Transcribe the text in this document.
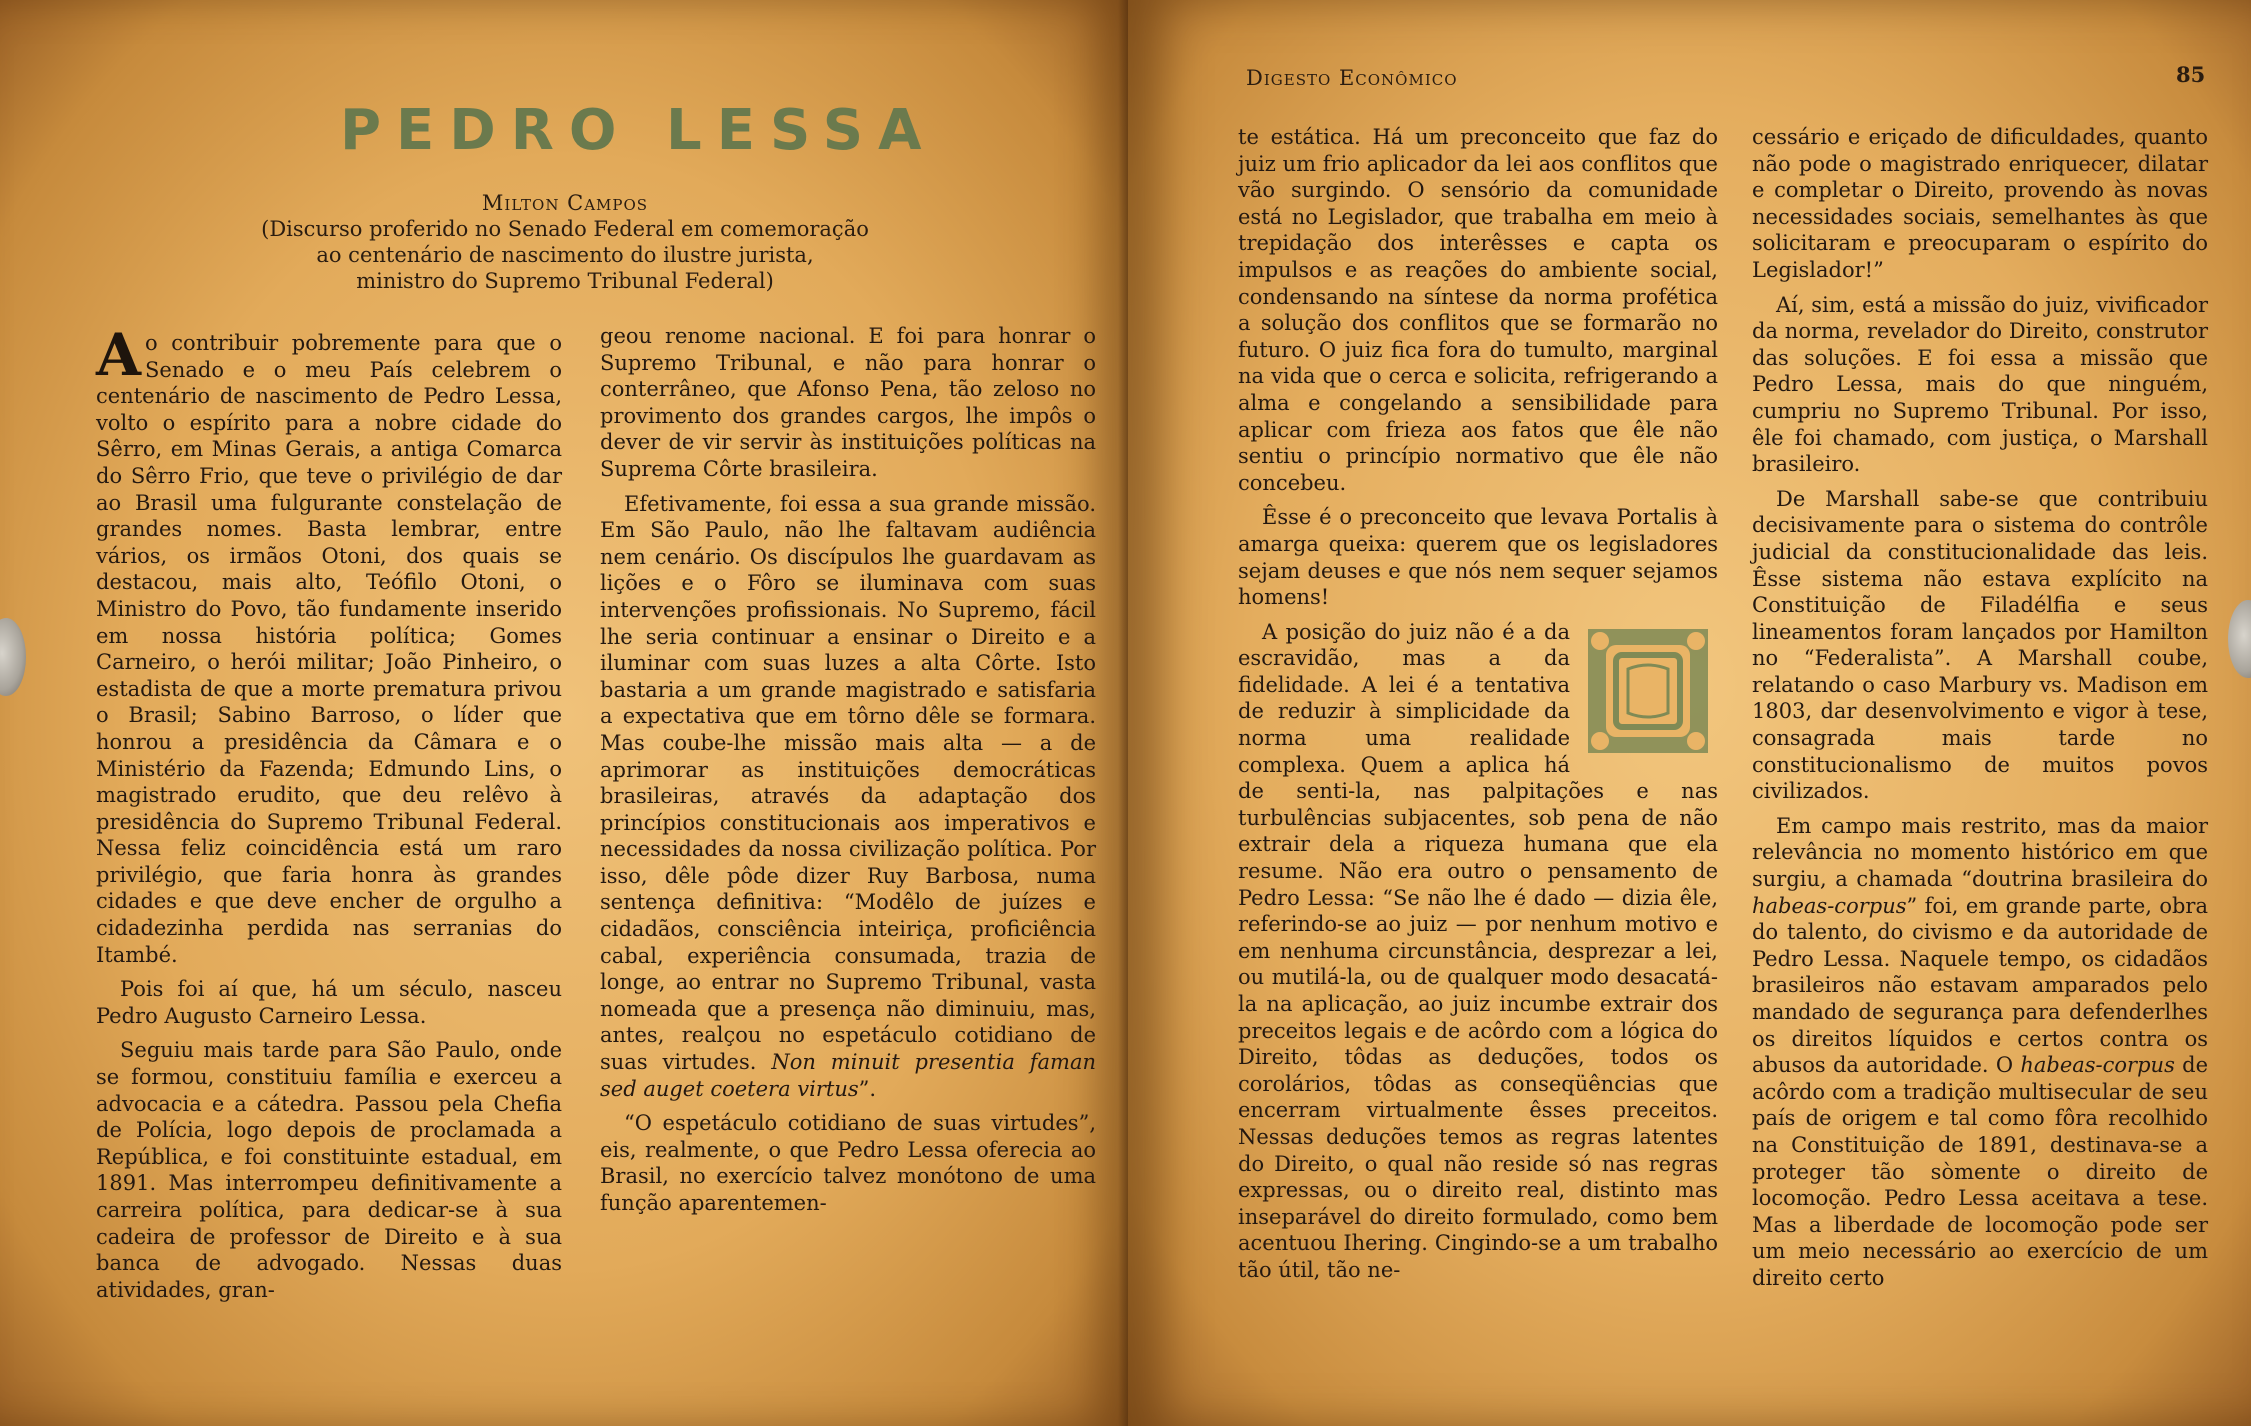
PEDRO LESSA
Milton Campos
(Discurso proferido no Senado Federal em comemoração
ao centenário de nascimento do ilustre jurista,
ministro do Supremo Tribunal Federal)

Ao contribuir pobremente para que o Senado e o meu País celebrem o centenário de nascimento de Pedro Lessa, volto o espírito para a nobre cidade do Sêrro, em Minas Gerais, a antiga Comarca do Sêrro Frio, que teve o privilégio de dar ao Brasil uma fulgurante constelação de grandes nomes. Basta lembrar, entre vários, os irmãos Otoni, dos quais se destacou, mais alto, Teófilo Otoni, o Ministro do Povo, tão fundamente inserido em nossa história política; Gomes Carneiro, o herói militar; João Pinheiro, o estadista de que a morte prematura privou o Brasil; Sabino Barroso, o líder que honrou a presidência da Câmara e o Ministério da Fazenda; Edmundo Lins, o magistrado erudito, que deu relêvo à presidência do Supremo Tribunal Federal. Nessa feliz coincidência está um raro privilégio, que faria honra às grandes cidades e que deve encher de orgulho a cidadezinha perdida nas serranias do Itambé.

Pois foi aí que, há um século, nasceu Pedro Augusto Carneiro Lessa.

Seguiu mais tarde para São Paulo, onde se formou, constituiu família e exerceu a advocacia e a cátedra. Passou pela Chefia de Polícia, logo depois de proclamada a República, e foi constituinte estadual, em 1891. Mas interrompeu definitivamente a carreira política, para dedicar-se à sua cadeira de professor de Direito e à sua banca de advogado. Nessas duas atividades, gran-

geou renome nacional. E foi para honrar o Supremo Tribunal, e não para honrar o conterrâneo, que Afonso Pena, tão zeloso no provimento dos grandes cargos, lhe impôs o dever de vir servir às instituições políticas na Suprema Côrte brasileira.

Efetivamente, foi essa a sua grande missão. Em São Paulo, não lhe faltavam audiência nem cenário. Os discípulos lhe guardavam as lições e o Fôro se iluminava com suas intervenções profissionais. No Supremo, fácil lhe seria continuar a ensinar o Direito e a iluminar com suas luzes a alta Côrte. Isto bastaria a um grande magistrado e satisfaria a expectativa que em tôrno dêle se formara. Mas coube-lhe missão mais alta — a de aprimorar as instituições democráticas brasileiras, através da adaptação dos princípios constitucionais aos imperativos e necessidades da nossa civilização política. Por isso, dêle pôde dizer Ruy Barbosa, numa sentença definitiva: “Modêlo de juízes e cidadãos, consciência inteiriça, proficiência cabal, experiência consumada, trazia de longe, ao entrar no Supremo Tribunal, vasta nomeada que a presença não diminuiu, mas, antes, realçou no espetáculo cotidiano de suas virtudes. Non minuit presentia faman sed auget coetera virtus”.

“O espetáculo cotidiano de suas virtudes”, eis, realmente, o que Pedro Lessa oferecia ao Brasil, no exercício talvez monótono de uma função aparentemen-

Digesto Econômico	85

te estática. Há um preconceito que faz do juiz um frio aplicador da lei aos conflitos que vão surgindo. O sensório da comunidade está no Legislador, que trabalha em meio à trepidação dos interêsses e capta os impulsos e as reações do ambiente social, condensando na síntese da norma profética a solução dos conflitos que se formarão no futuro. O juiz fica fora do tumulto, marginal na vida que o cerca e solicita, refrigerando a alma e congelando a sensibilidade para aplicar com frieza aos fatos que êle não sentiu o princípio normativo que êle não concebeu.

Êsse é o preconceito que levava Portalis à amarga queixa: querem que os legisladores sejam deuses e que nós nem sequer sejamos homens!

A posição do juiz não é a da escravidão, mas a da fidelidade. A lei é a tentativa de reduzir à simplicidade da norma uma realidade complexa. Quem a aplica há de senti-la, nas palpitações e nas turbulências subjacentes, sob pena de não extrair dela a riqueza humana que ela resume. Não era outro o pensamento de Pedro Lessa: “Se não lhe é dado — dizia êle, referindo-se ao juiz — por nenhum motivo e em nenhuma circunstância, desprezar a lei, ou mutilá-la, ou de qualquer modo desacatá-la na aplicação, ao juiz incumbe extrair dos preceitos legais e de acôrdo com a lógica do Direito, tôdas as deduções, todos os corolários, tôdas as conseqüências que encerram virtualmente êsses preceitos. Nessas deduções temos as regras latentes do Direito, o qual não reside só nas regras expressas, ou o direito real, distinto mas inseparável do direito formulado, como bem acentuou Ihering. Cingindo-se a um trabalho tão útil, tão ne-

cessário e eriçado de dificuldades, quanto não pode o magistrado enriquecer, dilatar e completar o Direito, provendo às novas necessidades sociais, semelhantes às que solicitaram e preocuparam o espírito do Legislador!”

Aí, sim, está a missão do juiz, vivificador da norma, revelador do Direito, construtor das soluções. E foi essa a missão que Pedro Lessa, mais do que ninguém, cumpriu no Supremo Tribunal. Por isso, êle foi chamado, com justiça, o Marshall brasileiro.

De Marshall sabe-se que contribuiu decisivamente para o sistema do contrôle judicial da constitucionalidade das leis. Êsse sistema não estava explícito na Constituição de Filadélfia e seus lineamentos foram lançados por Hamilton no “Federalista”. A Marshall coube, relatando o caso Marbury vs. Madison em 1803, dar desenvolvimento e vigor à tese, consagrada mais tarde no constitucionalismo de muitos povos civilizados.

Em campo mais restrito, mas da maior relevância no momento histórico em que surgiu, a chamada “doutrina brasileira do habeas-corpus” foi, em grande parte, obra do talento, do civismo e da autoridade de Pedro Lessa. Naquele tempo, os cidadãos brasileiros não estavam amparados pelo mandado de segurança para defenderlhes os direitos líquidos e certos contra os abusos da autoridade. O habeas-corpus de acôrdo com a tradição multisecular de seu país de origem e tal como fôra recolhido na Constituição de 1891, destinava-se a proteger tão sòmente o direito de locomoção. Pedro Lessa aceitava a tese. Mas a liberdade de locomoção pode ser um meio necessário ao exercício de um direito certo
